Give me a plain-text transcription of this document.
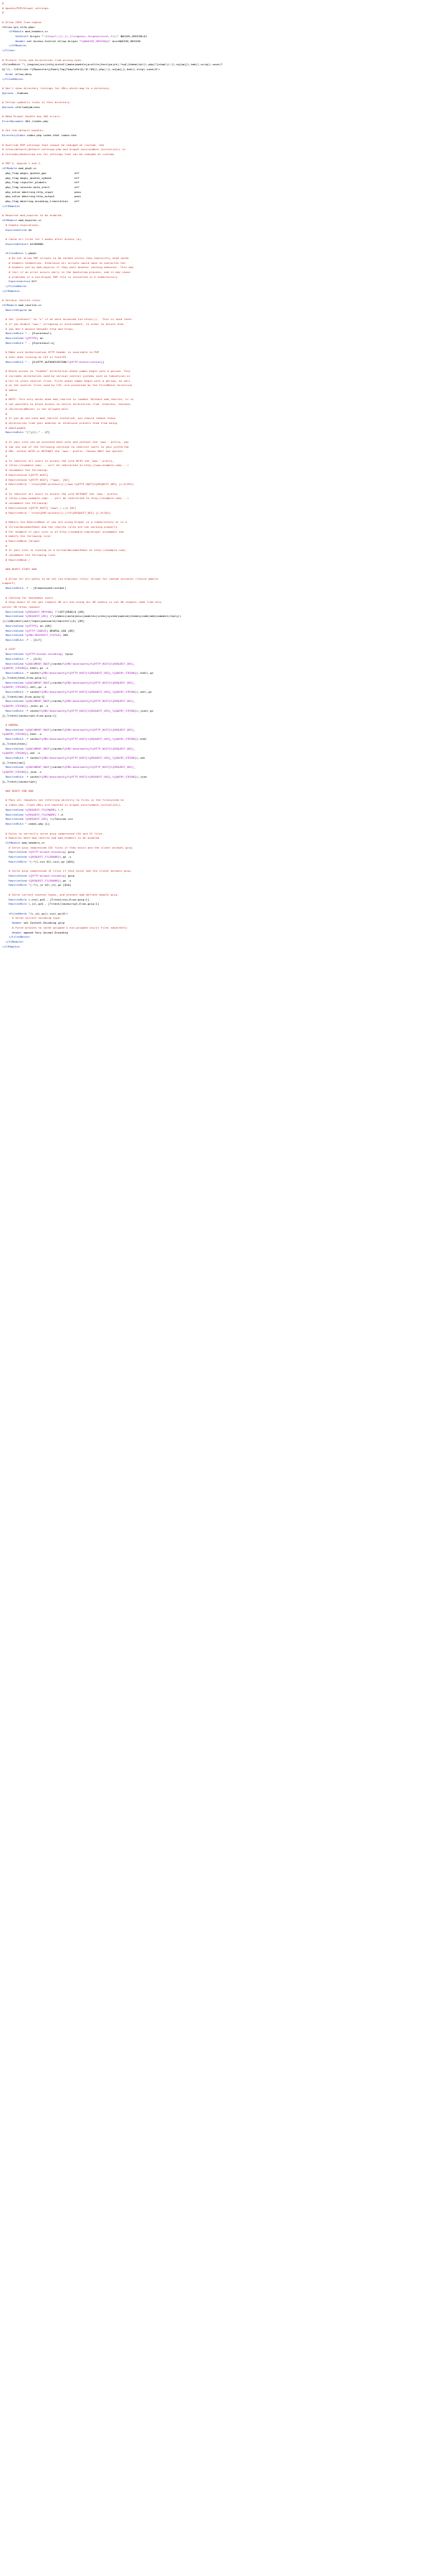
#
# Apache/PHP/Drupal settings:
#

# Allow CORS from nagios
<Files git_info.php>
<IfModule mod_headers.c>
SetEnvIf Origin "^(https?://(.+\.)?(nagios\.forgeservice\.fi))" NAGIOS_ORIGIN=$1
Header set Access-Control-Allow-Origin "%{NAGIOS_ORIGIN}e" env=NAGIOS_ORIGIN
</IfModule>
</Files>

# Protect files and directories from prying eyes.
<FilesMatch "\.(engine|inc|info|install|make|module|profile|test|po|sh|.*sql|theme|tpl(\.php)?|xtmpl)(~|\.sw[op]|\.bak|\.orig|\.save)?
$|^(\..*|Entries.*|Repository|Root|Tag|Template)$|^#.*#$|\.php(~|\.sw[op]|\.bak|\.orig\.save)$">
Order allow,deny
</FilesMatch>

# Don't show directory listings for URLs which map to a directory.
Options -Indexes

# Follow symbolic links in this directory.
Options +FollowSymLinks

# Make Drupal handle any 404 errors.
ErrorDocument 404 /index.php

# Set the default handler.
DirectoryIndex index.php index.html index.htm

# Override PHP settings that cannot be changed at runtime. See
# sites/default/default.settings.php and drupal_environment_initialize() in
# includes/bootstrap.inc for settings that can be changed at runtime.

# PHP 5, Apache 1 and 2.
<IfModule mod_php5.c>
php_flag magic_quotes_gpc                 off
php_flag magic_quotes_sybase              off
php_flag register_globals                 off
php_flag session.auto_start               off
php_value mbstring.http_input             pass
php_value mbstring.http_output            pass
php_flag mbstring.encoding_translation    off
</IfModule>

# Requires mod_expires to be enabled.
<IfModule mod_expires.c>
# Enable expirations.
ExpiresActive On

# Cache all files for 2 weeks after access (A).
ExpiresDefault A1209600

<FilesMatch \.php$>
# Do not allow PHP scripts to be cached unless they explicitly send cache
# headers themselves. Otherwise all scripts would have to overwrite the
# headers set by mod_expires if they want another caching behavior. This may
# fail if an error occurs early in the bootstrap process, and it may cause
# problems if a non-Drupal PHP file is installed in a subdirectory.
ExpiresActive Off
</FilesMatch>
</IfModule>

# Various rewrite rules.
<IfModule mod_rewrite.c>
RewriteEngine on

# Set "protossl" to "s" if we were accessed via https://.  This is used later
# if you enable "www." stripping or enforcement, in order to ensure that
# you don't bounce between http and https.
RewriteRule ^ - [E=protossl]
RewriteCond %{HTTPS} on
RewriteRule ^ - [E=protossl:s]

# Make sure Authorization HTTP header is available to PHP
# even when running as CGI or FastCGI.
RewriteRule ^ - [E=HTTP_AUTHORIZATION:%{HTTP:Authorization}]

# Block access to "hidden" directories whose names begin with a period. This
# includes directories used by version control systems such as Subversion or
# Git to store control files. Files whose names begin with a period, as well
# as the control files used by CVS, are protected by the FilesMatch directive
# above.
#
# NOTE: This only works when mod_rewrite is loaded. Without mod_rewrite, it is
# not possible to block access to entire directories from .htaccess, because
# <DirectoryMatch> is not allowed here.
#
# If you do not have mod_rewrite installed, you should remove these
# directories from your webroot or otherwise protect them from being
# downloaded.
RewriteRule "(^|/)\." - [F]

# If your site can be accessed both with and without the 'www.' prefix, you
# can use one of the following settings to redirect users to your preferred
# URL, either WITH or WITHOUT the 'www.' prefix. Choose ONLY one option:
#
# To redirect all users to access the site WITH the 'www.' prefix,
# (http://example.com/... will be redirected to http://www.example.com/...)
# uncomment the following:
# RewriteCond %{HTTP_HOST} .
# RewriteCond %{HTTP_HOST} !^www\. [NC]
# RewriteRule ^ http%{ENV:protossl}://www.%{HTTP_HOST}%{REQUEST_URI} [L,R=301]
#
# To redirect all users to access the site WITHOUT the 'www.' prefix,
# (http://www.example.com/... will be redirected to http://example.com/...)
# uncomment the following:
# RewriteCond %{HTTP_HOST} ^www\.(.+)$ [NC]
# RewriteRule ^ http%{ENV:protossl}://%1%{REQUEST_URI} [L,R=301]

# Modify the RewriteBase if you are using Drupal in a subdirectory or in a
# VirtualDocumentRoot and the rewrite rules are not working properly.
# For example if your site is at http://example.com/drupal uncomment and
# modify the following line:
# RewriteBase /drupal
#
# If your site is running in a VirtualDocumentRoot at http://example.com/,
# uncomment the following line:
# RewriteBase /

### BOOST START ###

# Allow for alt paths to be set via htaccess rules; allows for cached variants (future mobile
support)
RewriteRule .* - [E=boostpath:normal]

# Caching for anonymous users
# Skip boost IF not get request OR uri has wrong dir OR cookie is set OR request came from this
server OR https request
RewriteCond %{REQUEST_METHOD} !^(GET|HEAD)$ [OR]
RewriteCond %{REQUEST_URI} (^/(admin|cache|misc|modules|sites|system|openid|themes|node/add|comment/reply))
|(/(add|edit|user/login|password|register))$) [OR]
RewriteCond %{HTTPS} on [OR]
RewriteCond %{HTTP_COOKIE} DRUPAL_UID [OR]
RewriteCond %{ENV:REDIRECT_STATUS} 200
RewriteRule .* - [S=7]

# GZIP
RewriteCond %{HTTP:Accept-encoding} !gzip
RewriteRule .* - [S=3]
RewriteCond %{DOCUMENT_ROOT}/cache/%{ENV:boostpath}/%{HTTP_HOST}%{REQUEST_URI}_
%{QUERY_STRING}\.html\.gz -s
RewriteRule .* cache/%{ENV:boostpath}/%{HTTP_HOST}%{REQUEST_URI}_%{QUERY_STRING}\.html\.gz
[L,T=text/html,E=no-gzip:1]
RewriteCond %{DOCUMENT_ROOT}/cache/%{ENV:boostpath}/%{HTTP_HOST}%{REQUEST_URI}_
%{QUERY_STRING}\.xml\.gz -s
RewriteRule .* cache/%{ENV:boostpath}/%{HTTP_HOST}%{REQUEST_URI}_%{QUERY_STRING}\.xml\.gz
[L,T=text/xml,E=no-gzip:1]
RewriteCond %{DOCUMENT_ROOT}/cache/%{ENV:boostpath}/%{HTTP_HOST}%{REQUEST_URI}_
%{QUERY_STRING}\.json\.gz -s
RewriteRule .* cache/%{ENV:boostpath}/%{HTTP_HOST}%{REQUEST_URI}_%{QUERY_STRING}\.json\.gz
[L,T=text/javascript,E=no-gzip:1]

# NORMAL
RewriteCond %{DOCUMENT_ROOT}/cache/%{ENV:boostpath}/%{HTTP_HOST}%{REQUEST_URI}_
%{QUERY_STRING}\.html -s
RewriteRule .* cache/%{ENV:boostpath}/%{HTTP_HOST}%{REQUEST_URI}_%{QUERY_STRING}\.html
[L,T=text/html]
RewriteCond %{DOCUMENT_ROOT}/cache/%{ENV:boostpath}/%{HTTP_HOST}%{REQUEST_URI}_
%{QUERY_STRING}\.xml -s
RewriteRule .* cache/%{ENV:boostpath}/%{HTTP_HOST}%{REQUEST_URI}_%{QUERY_STRING}\.xml
[L,T=text/xml]
RewriteCond %{DOCUMENT_ROOT}/cache/%{ENV:boostpath}/%{HTTP_HOST}%{REQUEST_URI}_
%{QUERY_STRING}\.json -s
RewriteRule .* cache/%{ENV:boostpath}/%{HTTP_HOST}%{REQUEST_URI}_%{QUERY_STRING}\.json
[L,T=text/javascript]

### BOOST END ###

# Pass all requests not referring directly to files in the filesystem to
# index.php. Clean URLs are handled in drupal_environment_initialize().
RewriteCond %{REQUEST_FILENAME} !-f
RewriteCond %{REQUEST_FILENAME} !-d
RewriteCond %{REQUEST_URI} !=/favicon.ico
RewriteRule ^ index.php [L]

# Rules to correctly serve gzip compressed CSS and JS files.
# Requires both mod_rewrite and mod_headers to be enabled.
<IfModule mod_headers.c>
# Serve gzip compressed CSS files if they exist and the client accepts gzip.
RewriteCond %{HTTP:Accept-encoding} gzip
RewriteCond %{REQUEST_FILENAME}\.gz -s
RewriteRule ^(.*)\.css $1\.css\.gz [QSA]

# Serve gzip compressed JS files if they exist and the client accepts gzip.
RewriteCond %{HTTP:Accept-encoding} gzip
RewriteCond %{REQUEST_FILENAME}\.gz -s
RewriteRule ^(.*)\.js $1\.js\.gz [QSA]

# Serve correct content types, and prevent mod_deflate double gzip.
RewriteRule \.css\.gz$ - [T=text/css,E=no-gzip:1]
RewriteRule \.js\.gz$ - [T=text/javascript,E=no-gzip:1]

<FilesMatch "(\.js\.gz|\.css\.gz)$">
# Serve correct encoding type.
Header set Content-Encoding gzip
# Force proxies to cache gzipped & non-gzipped css/js files separately.
Header append Vary Accept-Encoding
</FilesMatch>
</IfModule>
</IfModule>
